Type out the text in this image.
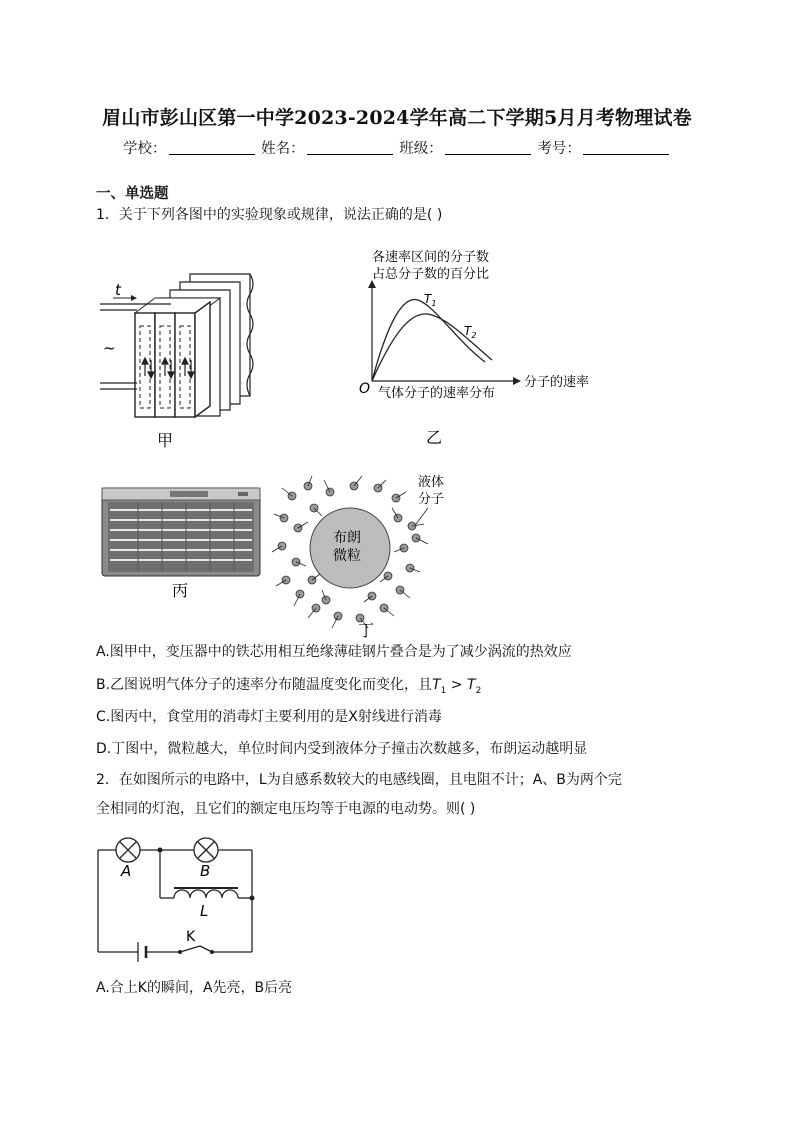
眉山市彭山区第一中学2023-2024学年高二下学期5月月考物理试卷
学校：	姓名：	班级：	考号：
一、单选题
1．关于下列各图中的实验现象或规律，说法正确的是( )
t
~
甲
各速率区间的分子数
占总分子数的百分比
分子的速率
O 气体分子的速率分布
$T_1$
$T_2$
乙
丙
布朗
微粒
液体
分子
丁
A.图甲中，变压器中的铁芯用相互绝缘薄硅钢片叠合是为了减少涡流的热效应
B.乙图说明气体分子的速率分布随温度变化而变化，且$T_1 > T_2$
C.图丙中，食堂用的消毒灯主要利用的是X射线进行消毒
D.丁图中，微粒越大，单位时间内受到液体分子撞击次数越多，布朗运动越明显
2．在如图所示的电路中，L为自感系数较大的电感线圈，且电阻不计；A、B为两个完
全相同的灯泡，且它们的额定电压均等于电源的电动势。则( )
A	B
L
K
A.合上K的瞬间，A先亮，B后亮
